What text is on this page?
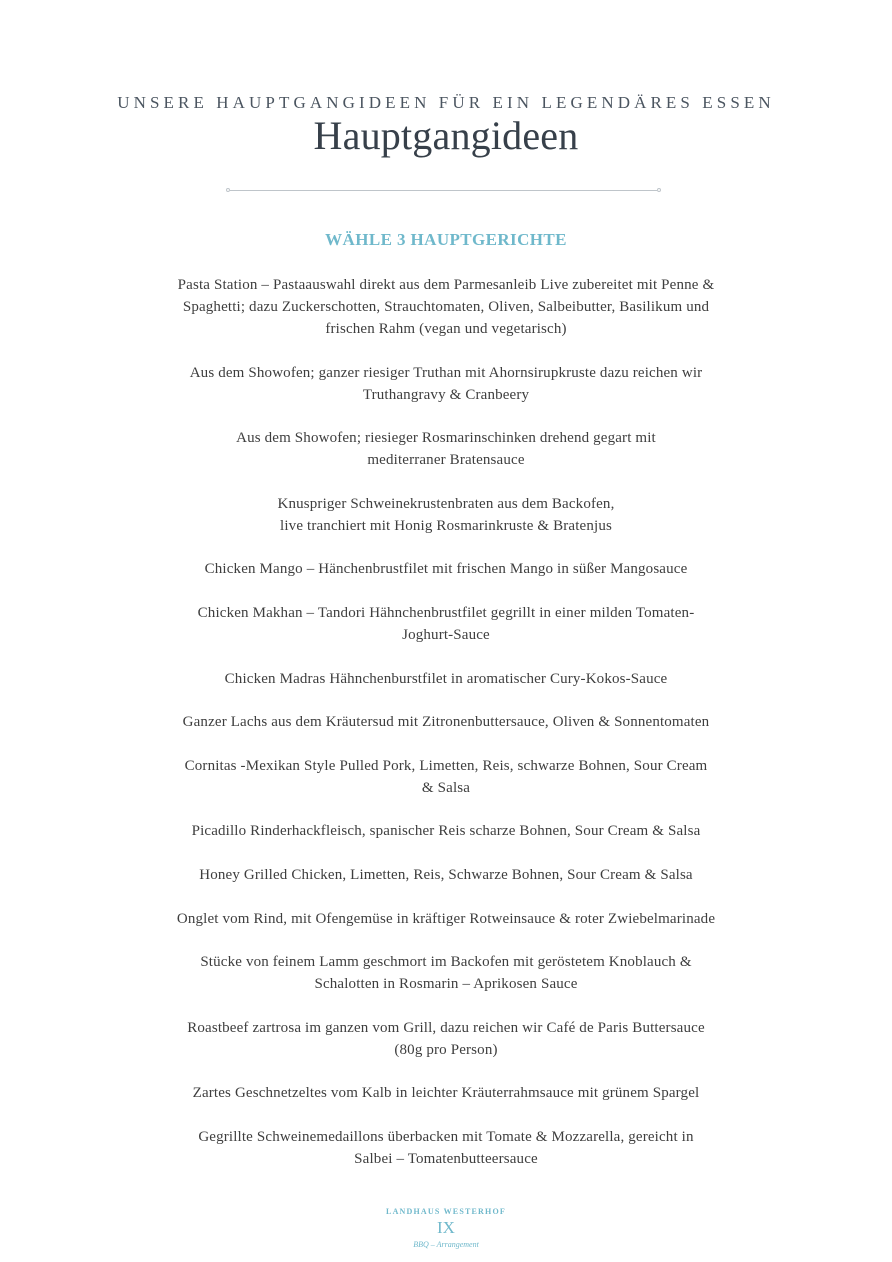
UNSERE HAUPTGANGIDEEN FÜR EIN LEGENDÄRES ESSEN
Hauptgangideen
WÄHLE 3 HAUPTGERICHTE
Pasta Station – Pastaauswahl direkt aus dem Parmesanleib Live zubereitet mit Penne &
Spaghetti; dazu Zuckerschotten, Strauchtomaten, Oliven, Salbeibutter, Basilikum und
frischen Rahm (vegan und vegetarisch)
Aus dem Showofen; ganzer riesiger Truthan mit Ahornsirupkruste dazu reichen wir
Truthangravy & Cranbeery
Aus dem Showofen; riesieger Rosmarinschinken drehend gegart mit
mediterraner Bratensauce
Knuspriger Schweinekrustenbraten aus dem Backofen,
live tranchiert mit Honig Rosmarinkruste & Bratenjus
Chicken Mango – Hänchenbrustfilet mit frischen Mango in süßer Mangosauce
Chicken Makhan – Tandori Hähnchenbrustfilet gegrillt in einer milden Tomaten-
Joghurt-Sauce
Chicken Madras Hähnchenburstfilet in aromatischer Cury-Kokos-Sauce
Ganzer Lachs aus dem Kräutersud mit Zitronenbuttersauce, Oliven & Sonnentomaten
Cornitas -Mexikan Style Pulled Pork, Limetten, Reis, schwarze Bohnen, Sour Cream
& Salsa
Picadillo Rinderhackfleisch, spanischer Reis scharze Bohnen, Sour Cream & Salsa
Honey Grilled Chicken, Limetten, Reis, Schwarze Bohnen, Sour Cream & Salsa
Onglet vom Rind, mit Ofengemüse in kräftiger Rotweinsauce & roter Zwiebelmarinade
Stücke von feinem Lamm geschmort im Backofen mit geröstetem Knoblauch &
Schalotten in Rosmarin – Aprikosen Sauce
Roastbeef zartrosa im ganzen vom Grill, dazu reichen wir Café de Paris Buttersauce
(80g pro Person)
Zartes Geschnetzeltes vom Kalb in leichter Kräuterrahmsauce mit grünem Spargel
Gegrillte Schweinemedaillons überbacken mit Tomate & Mozzarella, gereicht in
Salbei – Tomatenbutteersauce
LANDHAUS WESTERHOF
IX
BBQ – Arrangement
